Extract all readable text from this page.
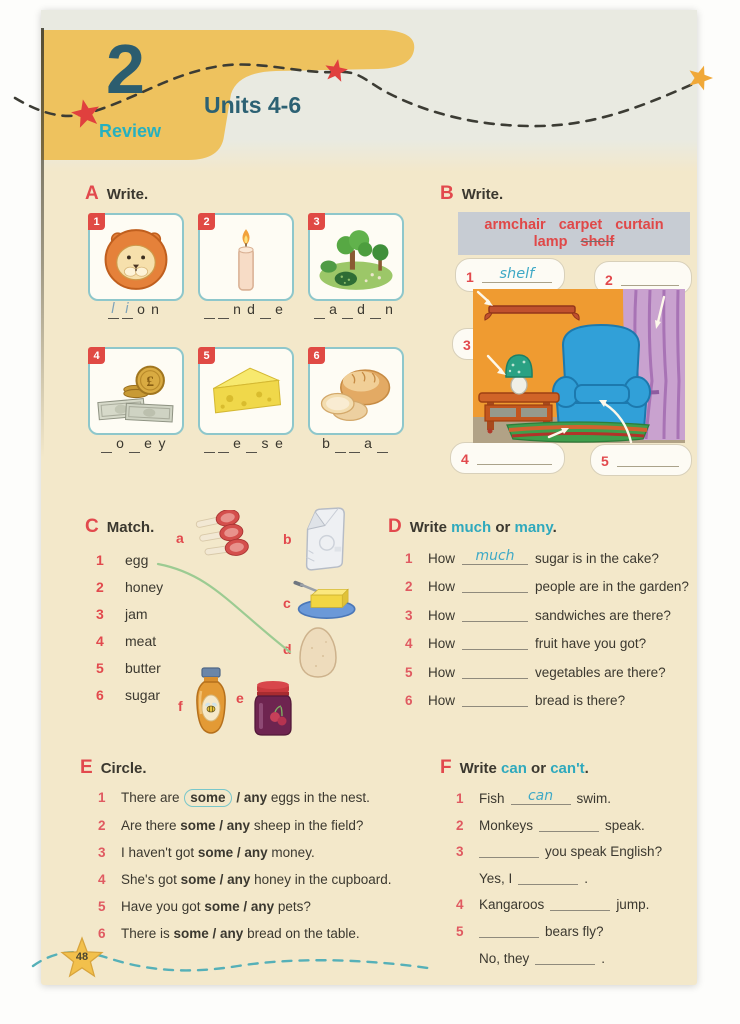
2
Review
Units 4-6
A Write.	B Write.
C Match.	D Write much or many.
E Circle.	F Write can or can't.
1
l i o n
2
n d e
3
a d n
4
£
o e y
5
e s e
6
b a
armchair carpet curtain
lamp shelf
1	shelf	2
3
4	5
1	egg
2	honey
3	jam
4	meat
5	butter
6	sugar
a	b
c
d
e
f
1	How	much	sugar is in the cake?
2	How	people are in the garden?
3	How	sandwiches are there?
4	How	fruit have you got?
5	How	vegetables are there?
6	How	bread is there?
1	There are some / any eggs in the nest.
2	Are there some / any sheep in the field?
3	I haven't got some / any money.
4	She's got some / any honey in the cupboard.
5	Have you got some / any pets?
6	There is some / any bread on the table.
1	Fish	can	swim.
2	Monkeys	speak.
3	you speak English?
Yes, I	.
4	Kangaroos	jump.
5	bears fly?
No, they	.
48
